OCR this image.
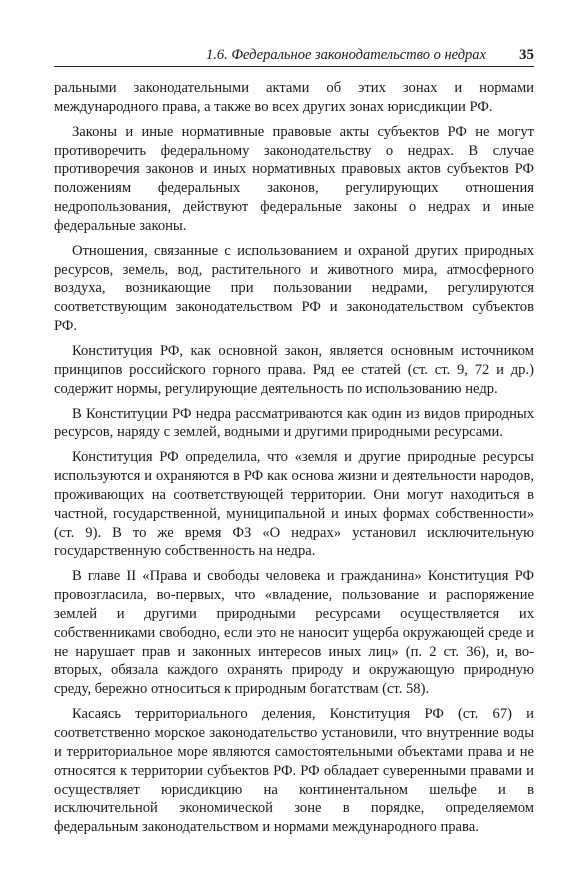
1.6. Федеральное законодательство о недрах 35

ральными законодательными актами об этих зонах и нормами международного права, а также во всех других зонах юрисдикции РФ.

Законы и иные нормативные правовые акты субъектов РФ не могут противоречить федеральному законодательству о недрах. В случае противоречия законов и иных нормативных правовых актов субъектов РФ положениям федеральных законов, регулирующих отношения недропользования, действуют федеральные законы о недрах и иные федеральные законы.

Отношения, связанные с использованием и охраной других природных ресурсов, земель, вод, растительного и животного мира, атмосферного воздуха, возникающие при пользовании недрами, регулируются соответствующим законодательством РФ и законодательством субъектов РФ.

Конституция РФ, как основной закон, является основным источником принципов российского горного права. Ряд ее статей (ст. ст. 9, 72 и др.) содержит нормы, регулирующие деятельность по использованию недр.

В Конституции РФ недра рассматриваются как один из видов природных ресурсов, наряду с землей, водными и другими природными ресурсами.

Конституция РФ определила, что «земля и другие природные ресурсы используются и охраняются в РФ как основа жизни и деятельности народов, проживающих на соответствующей территории. Они могут находиться в частной, государственной, муниципальной и иных формах собственности» (ст. 9). В то же время ФЗ «О недрах» установил исключительную государственную собственность на недра.

В главе II «Права и свободы человека и гражданина» Конституция РФ провозгласила, во-первых, что «владение, пользование и распоряжение землей и другими природными ресурсами осуществляется их собственниками свободно, если это не наносит ущерба окружающей среде и не нарушает прав и законных интересов иных лиц» (п. 2 ст. 36), и, во-вторых, обязала каждого охранять природу и окружающую природную среду, бережно относиться к природным богатствам (ст. 58).

Касаясь территориального деления, Конституция РФ (ст. 67) и соответственно морское законодательство установили, что внутренние воды и территориальное море являются самостоятельными объектами права и не относятся к территории субъектов РФ. РФ обладает суверенными правами и осуществляет юрисдикцию на континентальном шельфе и в исключительной экономической зоне в порядке, определяемом федеральным законодательством и нормами международного права.
